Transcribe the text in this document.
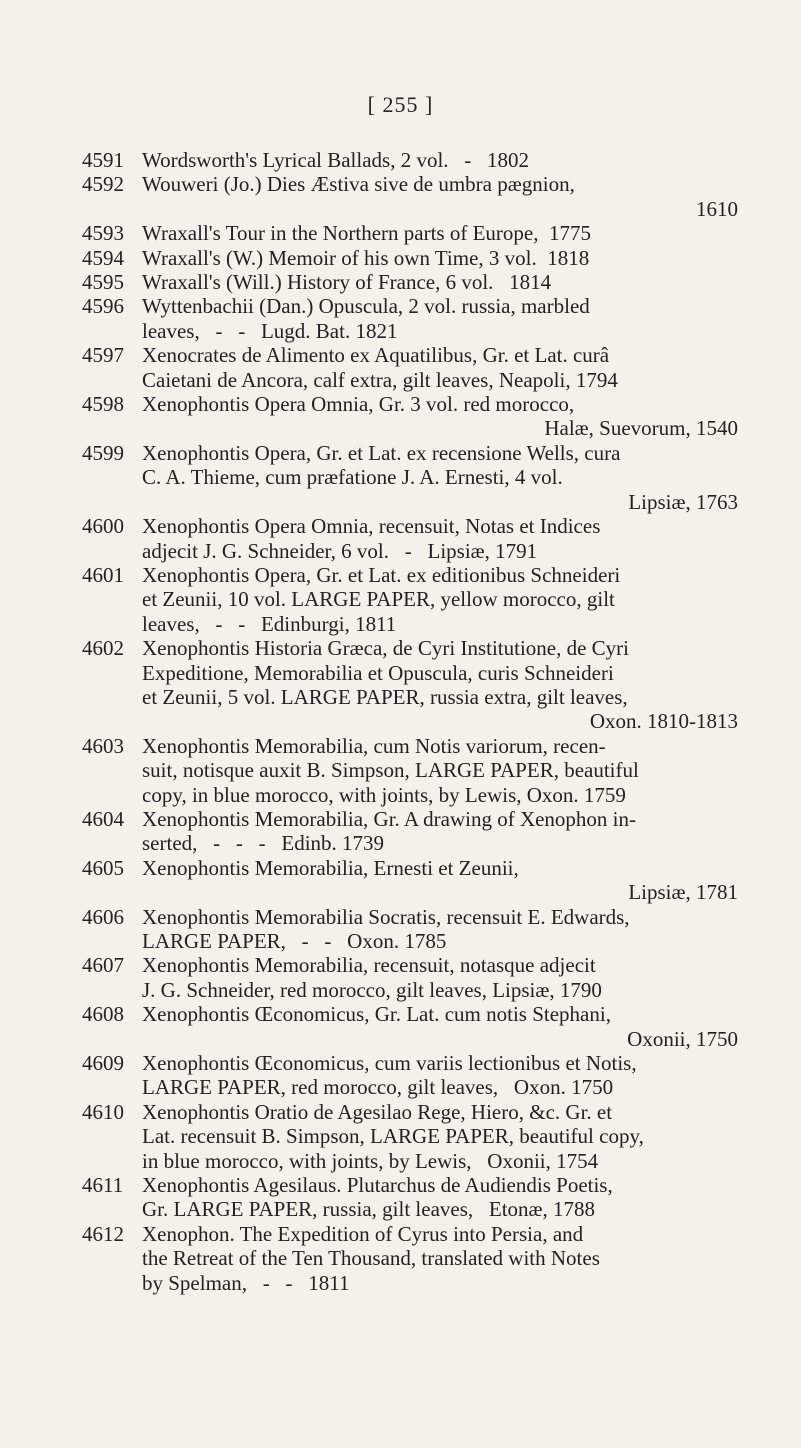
[ 255 ]
4591 Wordsworth's Lyrical Ballads, 2 vol.   -   1802
4592 Wouweri (Jo.) Dies Æstiva sive de umbra pægnion,
1610
4593 Wraxall's Tour in the Northern parts of Europe,  1775
4594 Wraxall's (W.) Memoir of his own Time, 3 vol.  1818
4595 Wraxall's (Will.) History of France, 6 vol.   1814
4596 Wyttenbachii (Dan.) Opuscula, 2 vol. russia, marbled
leaves,   -   -   Lugd. Bat. 1821
4597 Xenocrates de Alimento ex Aquatilibus, Gr. et Lat. curâ
Caietani de Ancora, calf extra, gilt leaves, Neapoli, 1794
4598 Xenophontis Opera Omnia, Gr. 3 vol. red morocco,
Halæ, Suevorum, 1540
4599 Xenophontis Opera, Gr. et Lat. ex recensione Wells, cura
C. A. Thieme, cum præfatione J. A. Ernesti, 4 vol.
Lipsiæ, 1763
4600 Xenophontis Opera Omnia, recensuit, Notas et Indices
adjecit J. G. Schneider, 6 vol.   -   Lipsiæ, 1791
4601 Xenophontis Opera, Gr. et Lat. ex editionibus Schneideri
et Zeunii, 10 vol. LARGE PAPER, yellow morocco, gilt
leaves,   -   -   Edinburgi, 1811
4602 Xenophontis Historia Græca, de Cyri Institutione, de Cyri
Expeditione, Memorabilia et Opuscula, curis Schneideri
et Zeunii, 5 vol. LARGE PAPER, russia extra, gilt leaves,
Oxon. 1810-1813
4603 Xenophontis Memorabilia, cum Notis variorum, recen-
suit, notisque auxit B. Simpson, LARGE PAPER, beautiful
copy, in blue morocco, with joints, by Lewis, Oxon. 1759
4604 Xenophontis Memorabilia, Gr. A drawing of Xenophon in-
serted,   -   -   -   Edinb. 1739
4605 Xenophontis Memorabilia, Ernesti et Zeunii,
Lipsiæ, 1781
4606 Xenophontis Memorabilia Socratis, recensuit E. Edwards,
LARGE PAPER,   -   -   Oxon. 1785
4607 Xenophontis Memorabilia, recensuit, notasque adjecit
J. G. Schneider, red morocco, gilt leaves, Lipsiæ, 1790
4608 Xenophontis Œconomicus, Gr. Lat. cum notis Stephani,
Oxonii, 1750
4609 Xenophontis Œconomicus, cum variis lectionibus et Notis,
LARGE PAPER, red morocco, gilt leaves,   Oxon. 1750
4610 Xenophontis Oratio de Agesilao Rege, Hiero, &c. Gr. et
Lat. recensuit B. Simpson, LARGE PAPER, beautiful copy,
in blue morocco, with joints, by Lewis,   Oxonii, 1754
4611 Xenophontis Agesilaus. Plutarchus de Audiendis Poetis,
Gr. LARGE PAPER, russia, gilt leaves,   Etonæ, 1788
4612 Xenophon. The Expedition of Cyrus into Persia, and
the Retreat of the Ten Thousand, translated with Notes
by Spelman,   -   -   1811
